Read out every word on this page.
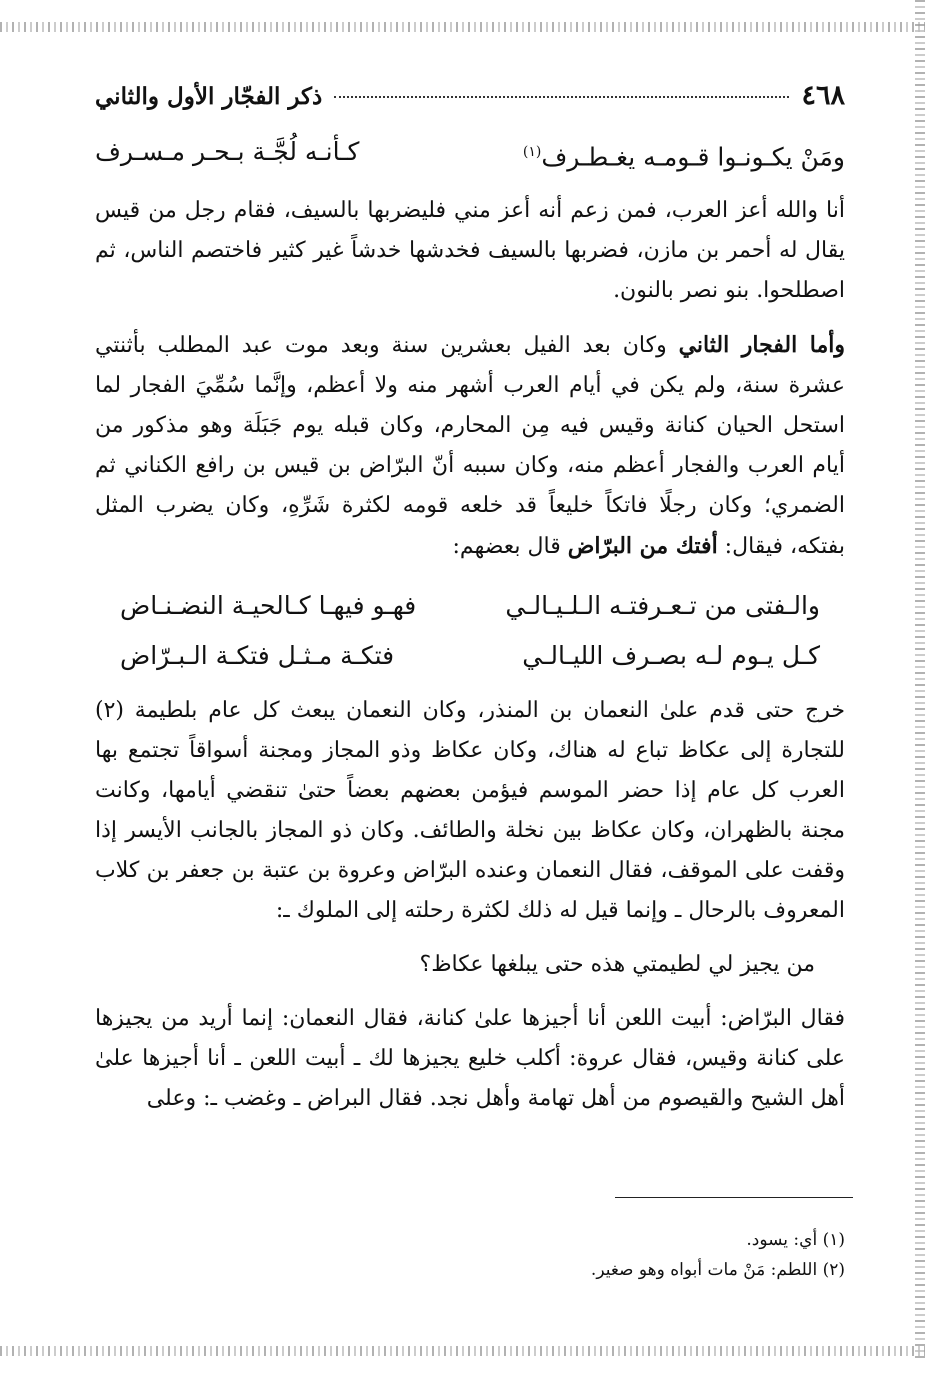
٤٦٨
ذكر الفجّار الأول والثاني
ومَنْ يكـونـوا قـومـه يغـطـرف$^{(١)}$
كـأنـه لُجَّـة بـحـر مـسـرف

أنا والله أعز العرب، فمن زعم أنه أعز مني فليضربها بالسيف، فقام رجل من قيس يقال له أحمر بن مازن، فضربها بالسيف فخدشها خدشاً غير كثير فاختصم الناس، ثم اصطلحوا. بنو نصر بالنون.

وأما الفجار الثاني وكان بعد الفيل بعشرين سنة وبعد موت عبد المطلب بأثنتي عشرة سنة، ولم يكن في أيام العرب أشهر منه ولا أعظم، وإنَّما سُمِّيَ الفجار لما استحل الحيان كنانة وقيس فيه مِن المحارم، وكان قبله يوم جَبَلَة وهو مذكور من أيام العرب والفجار أعظم منه، وكان سببه أنّ البرّاض بن قيس بن رافع الكناني ثم الضمري؛ وكان رجلًا فاتكاً خليعاً قد خلعه قومه لكثرة شَرِّهِ، وكان يضرب المثل بفتكه، فيقال: أفتك من البرّاض قال بعضهم:

والـفتى من تـعـرفتـه الـلـيـالـي
فهـو فيهـا كـالحيـة النضـنـاض
كـل يـوم لـه بصـرف الليـالـي
فتكـة مـثـل فتكـة الـبـرّاض

خرج حتى قدم علىٰ النعمان بن المنذر، وكان النعمان يبعث كل عام بلطيمة (٢) للتجارة إلى عكاظ تباع له هناك، وكان عكاظ وذو المجاز ومجنة أسواقاً تجتمع بها العرب كل عام إذا حضر الموسم فيؤمن بعضهم بعضاً حتىٰ تنقضي أيامها، وكانت مجنة بالظهران، وكان عكاظ بين نخلة والطائف. وكان ذو المجاز بالجانب الأيسر إذا وقفت على الموقف، فقال النعمان وعنده البرّاض وعروة بن عتبة بن جعفر بن كلاب المعروف بالرحال ـ وإنما قيل له ذلك لكثرة رحلته إلى الملوك ـ:

من يجيز لي لطيمتي هذه حتى يبلغها عكاظ؟

فقال البرّاض: أبيت اللعن أنا أجيزها علىٰ كنانة، فقال النعمان: إنما أريد من يجيزها على كنانة وقيس، فقال عروة: أكلب خليع يجيزها لك ـ أبيت اللعن ـ أنا أجيزها علىٰ أهل الشيح والقيصوم من أهل تهامة وأهل نجد. فقال البراض ـ وغضب ـ: وعلى

(١) أي: يسود.

(٢) اللطم: مَنْ مات أبواه وهو صغير.
